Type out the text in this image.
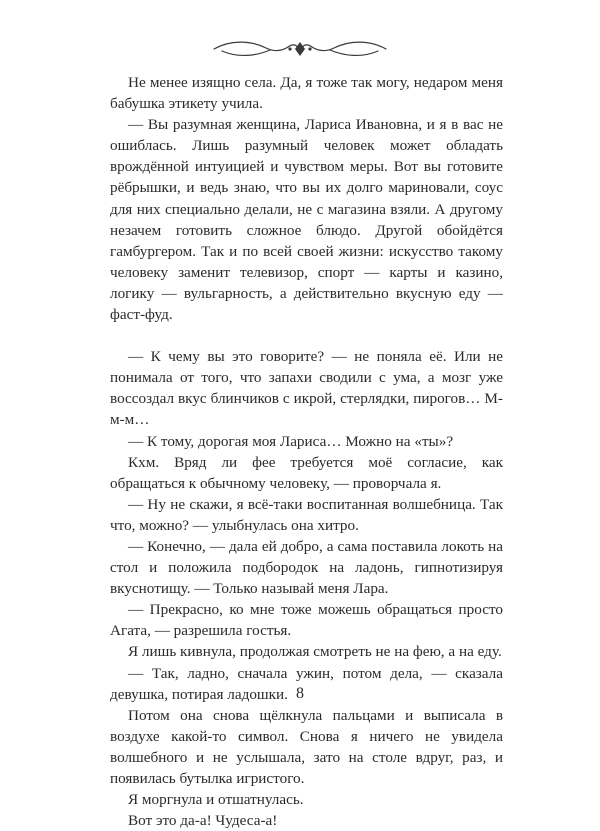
Не менее изящно села. Да, я тоже так могу, недаром меня бабушка этикету учила.

— Вы разумная женщина, Лариса Ивановна, и я в вас не ошиблась. Лишь разумный человек может обладать врождённой интуицией и чувством меры. Вот вы готовите рёбрышки, и ведь знаю, что вы их долго мариновали, соус для них специально делали, не с магазина взяли. А другому незачем готовить сложное блюдо. Другой обойдётся гамбургером. Так и по всей своей жизни: искусство такому человеку заменит телевизор, спорт — карты и казино, логику — вульгарность, а действительно вкусную еду — фаст-фуд.

— К чему вы это говорите? — не поняла её. Или не понимала от того, что запахи сводили с ума, а мозг уже воссоздал вкус блинчиков с икрой, стерлядки, пирогов… М-м-м…

— К тому, дорогая моя Лариса… Можно на «ты»?

Кхм. Вряд ли фее требуется моё согласие, как обращаться к обычному человеку, — проворчала я.

— Ну не скажи, я всё-таки воспитанная волшебница. Так что, можно? — улыбнулась она хитро.

— Конечно, — дала ей добро, а сама поставила локоть на стол и положила подбородок на ладонь, гипнотизируя вкуснотищу. — Только называй меня Лара.

— Прекрасно, ко мне тоже можешь обращаться просто Агата, — разрешила гостья.

Я лишь кивнула, продолжая смотреть не на фею, а на еду.

— Так, ладно, сначала ужин, потом дела, — сказала девушка, потирая ладошки.

Потом она снова щёлкнула пальцами и выписала в воздухе какой-то символ. Снова я ничего не увидела волшебного и не услышала, зато на столе вдруг, раз, и появилась бутылка игристого.

Я моргнула и отшатнулась.

Вот это да-а! Чудеса-а!

8
